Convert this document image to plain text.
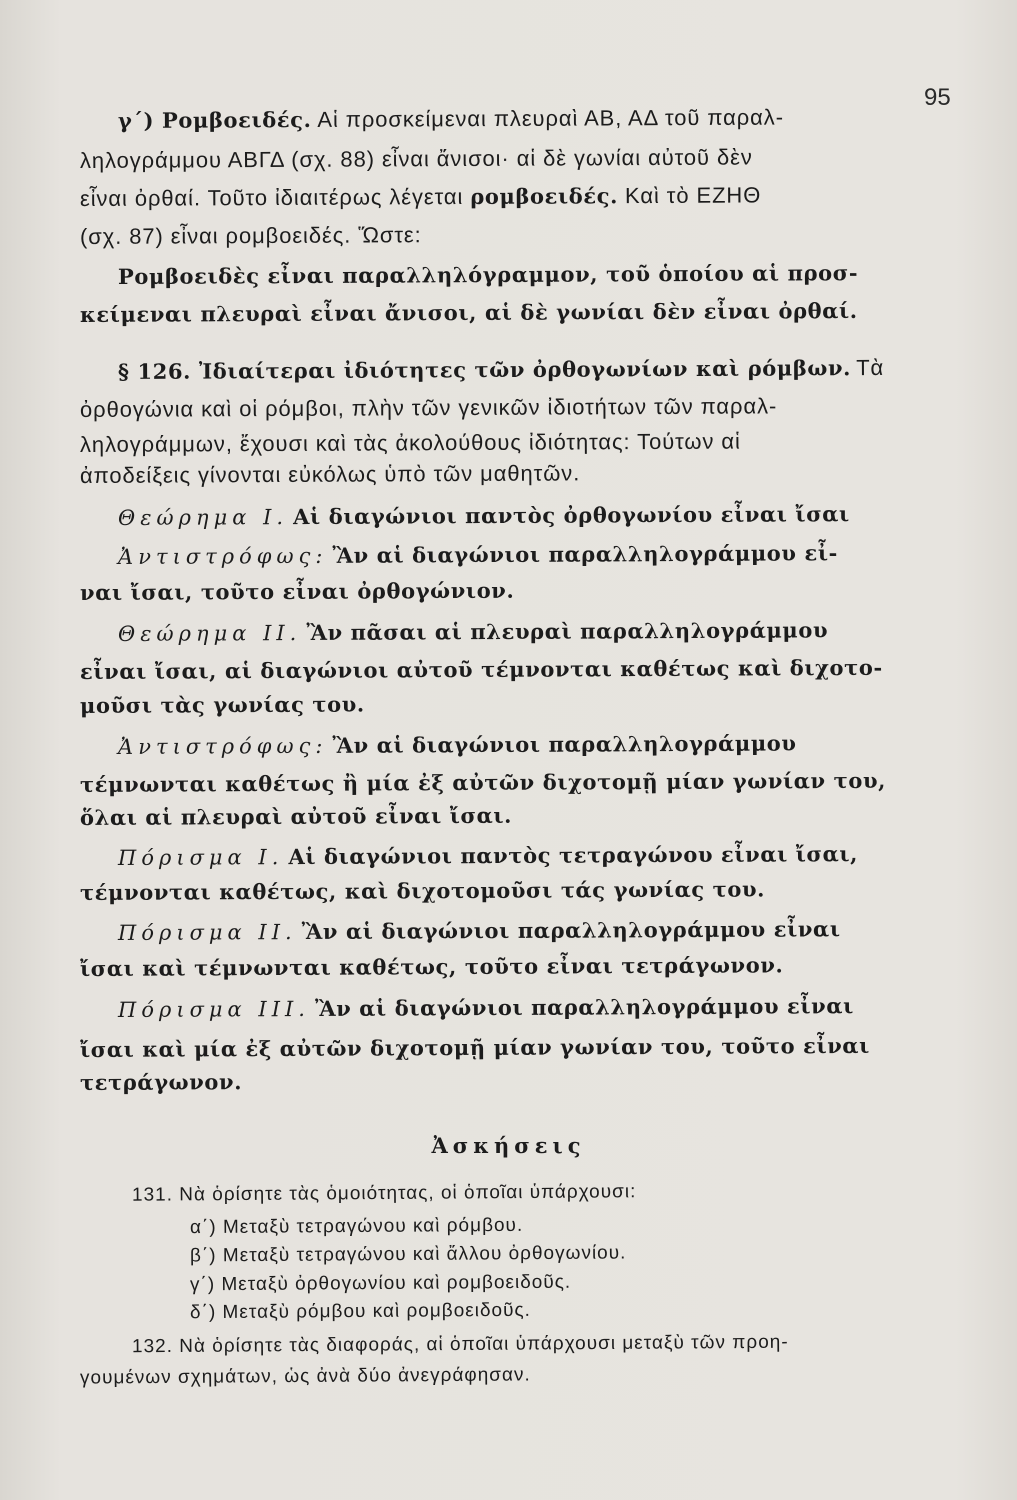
95
γ΄) Ρομβοειδές. Αἱ προσκείμεναι πλευραὶ ΑΒ, ΑΔ τοῦ παραλ-
ληλογράμμου ΑΒΓΔ (σχ. 88) εἶναι ἄνισοι· αἱ δὲ γωνίαι αὐτοῦ δὲν
εἶναι ὀρθαί. Τοῦτο ἰδιαιτέρως λέγεται ρομβοειδές. Καὶ τὸ ΕΖΗΘ
(σχ. 87) εἶναι ρομβοειδές. Ὥστε:
Ρομβοειδὲς εἶναι παραλληλόγραμμον, τοῦ ὁποίου αἱ προσ-
κείμεναι πλευραὶ εἶναι ἄνισοι, αἱ δὲ γωνίαι δὲν εἶναι ὀρθαί.
§ 126. Ἰδιαίτεραι ἰδιότητες τῶν ὀρθογωνίων καὶ ρόμβων. Τὰ
ὀρθογώνια καὶ οἱ ρόμβοι, πλὴν τῶν γενικῶν ἰδιοτήτων τῶν παραλ-
ληλογράμμων, ἔχουσι καὶ τὰς ἀκολούθους ἰδιότητας: Τούτων αἱ
ἀποδείξεις γίνονται εὐκόλως ὑπὸ τῶν μαθητῶν.
Θεώρημα Ι. Αἱ διαγώνιοι παντὸς ὀρθογωνίου εἶναι ἴσαι
Ἀντιστρόφως: Ἂν αἱ διαγώνιοι παραλληλογράμμου εἶ-
ναι ἴσαι, τοῦτο εἶναι ὀρθογώνιον.
Θεώρημα ΙΙ. Ἂν πᾶσαι αἱ πλευραὶ παραλληλογράμμου
εἶναι ἴσαι, αἱ διαγώνιοι αὐτοῦ τέμνονται καθέτως καὶ διχοτο-
μοῦσι τὰς γωνίας του.
Ἀντιστρόφως: Ἂν αἱ διαγώνιοι παραλληλογράμμου
τέμνωνται καθέτως ἢ μία ἐξ αὐτῶν διχοτομῇ μίαν γωνίαν του,
ὅλαι αἱ πλευραὶ αὐτοῦ εἶναι ἴσαι.
Πόρισμα Ι. Αἱ διαγώνιοι παντὸς τετραγώνου εἶναι ἴσαι,
τέμνονται καθέτως, καὶ διχοτομοῦσι τάς γωνίας του.
Πόρισμα ΙΙ. Ἂν αἱ διαγώνιοι παραλληλογράμμου εἶναι
ἴσαι καὶ τέμνωνται καθέτως, τοῦτο εἶναι τετράγωνον.
Πόρισμα ΙΙΙ. Ἂν αἱ διαγώνιοι παραλληλογράμμου εἶναι
ἴσαι καὶ μία ἐξ αὐτῶν διχοτομῇ μίαν γωνίαν του, τοῦτο εἶναι
τετράγωνον.
Ἀσκήσεις
131. Νὰ ὁρίσητε τὰς ὁμοιότητας, οἱ ὁποῖαι ὑπάρχουσι:
α΄) Μεταξὺ τετραγώνου καὶ ρόμβου.
β΄) Μεταξὺ τετραγώνου καὶ ἄλλου ὀρθογωνίου.
γ΄) Μεταξὺ ὀρθογωνίου καὶ ρομβοειδοῦς.
δ΄) Μεταξὺ ρόμβου καὶ ρομβοειδοῦς.
132. Νὰ ὁρίσητε τὰς διαφοράς, αἱ ὁποῖαι ὑπάρχουσι μεταξὺ τῶν προη-
γουμένων σχημάτων, ὡς ἀνὰ δύο ἀνεγράφησαν.
